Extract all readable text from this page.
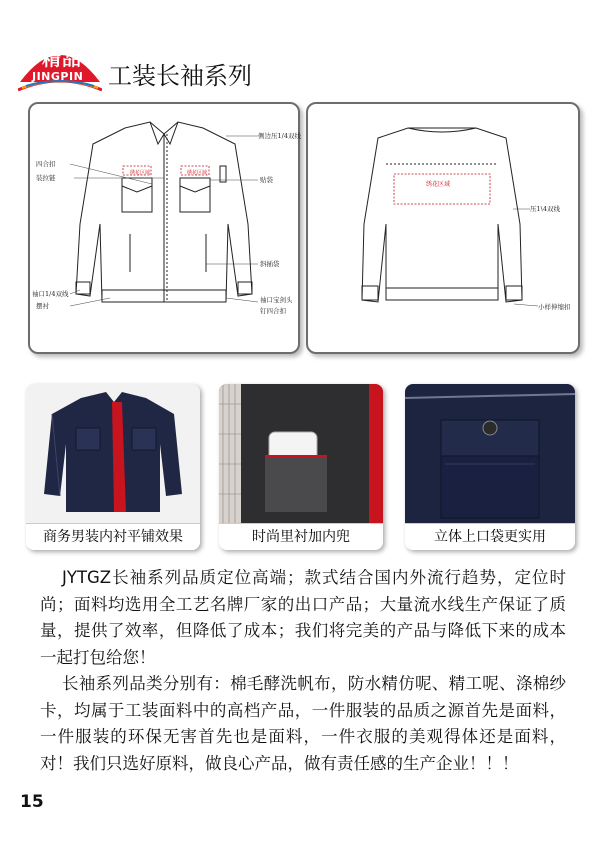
精品
JINGPIN 工装长袖系列
绣花区域	绣花区域
侧边压1/4双线
四合扣
装拉链	贴袋
斜插袋
袖口1/4双线
摆衬
袖口宝剑头
钉四合扣
绣花区域
压1\4双线
小样伸缩扣
商务男装内衬平铺效果	时尚里衬加内兜	立体上口袋更实用
JYTGZ长袖系列品质定位高端；款式结合国内外流行趋势，定位时尚；面料均选用全工艺名牌厂家的出口产品；大量流水线生产保证了质量，提供了效率，但降低了成本；我们将完美的产品与降低下来的成本一起打包给您！
长袖系列品类分别有：棉毛酵洗帆布，防水精仿呢、精工呢、涤棉纱卡，均属于工装面料中的高档产品，一件服装的品质之源首先是面料，一件服装的环保无害首先也是面料，一件衣服的美观得体还是面料，对！我们只选好原料，做良心产品，做有责任感的生产企业！！！
15
